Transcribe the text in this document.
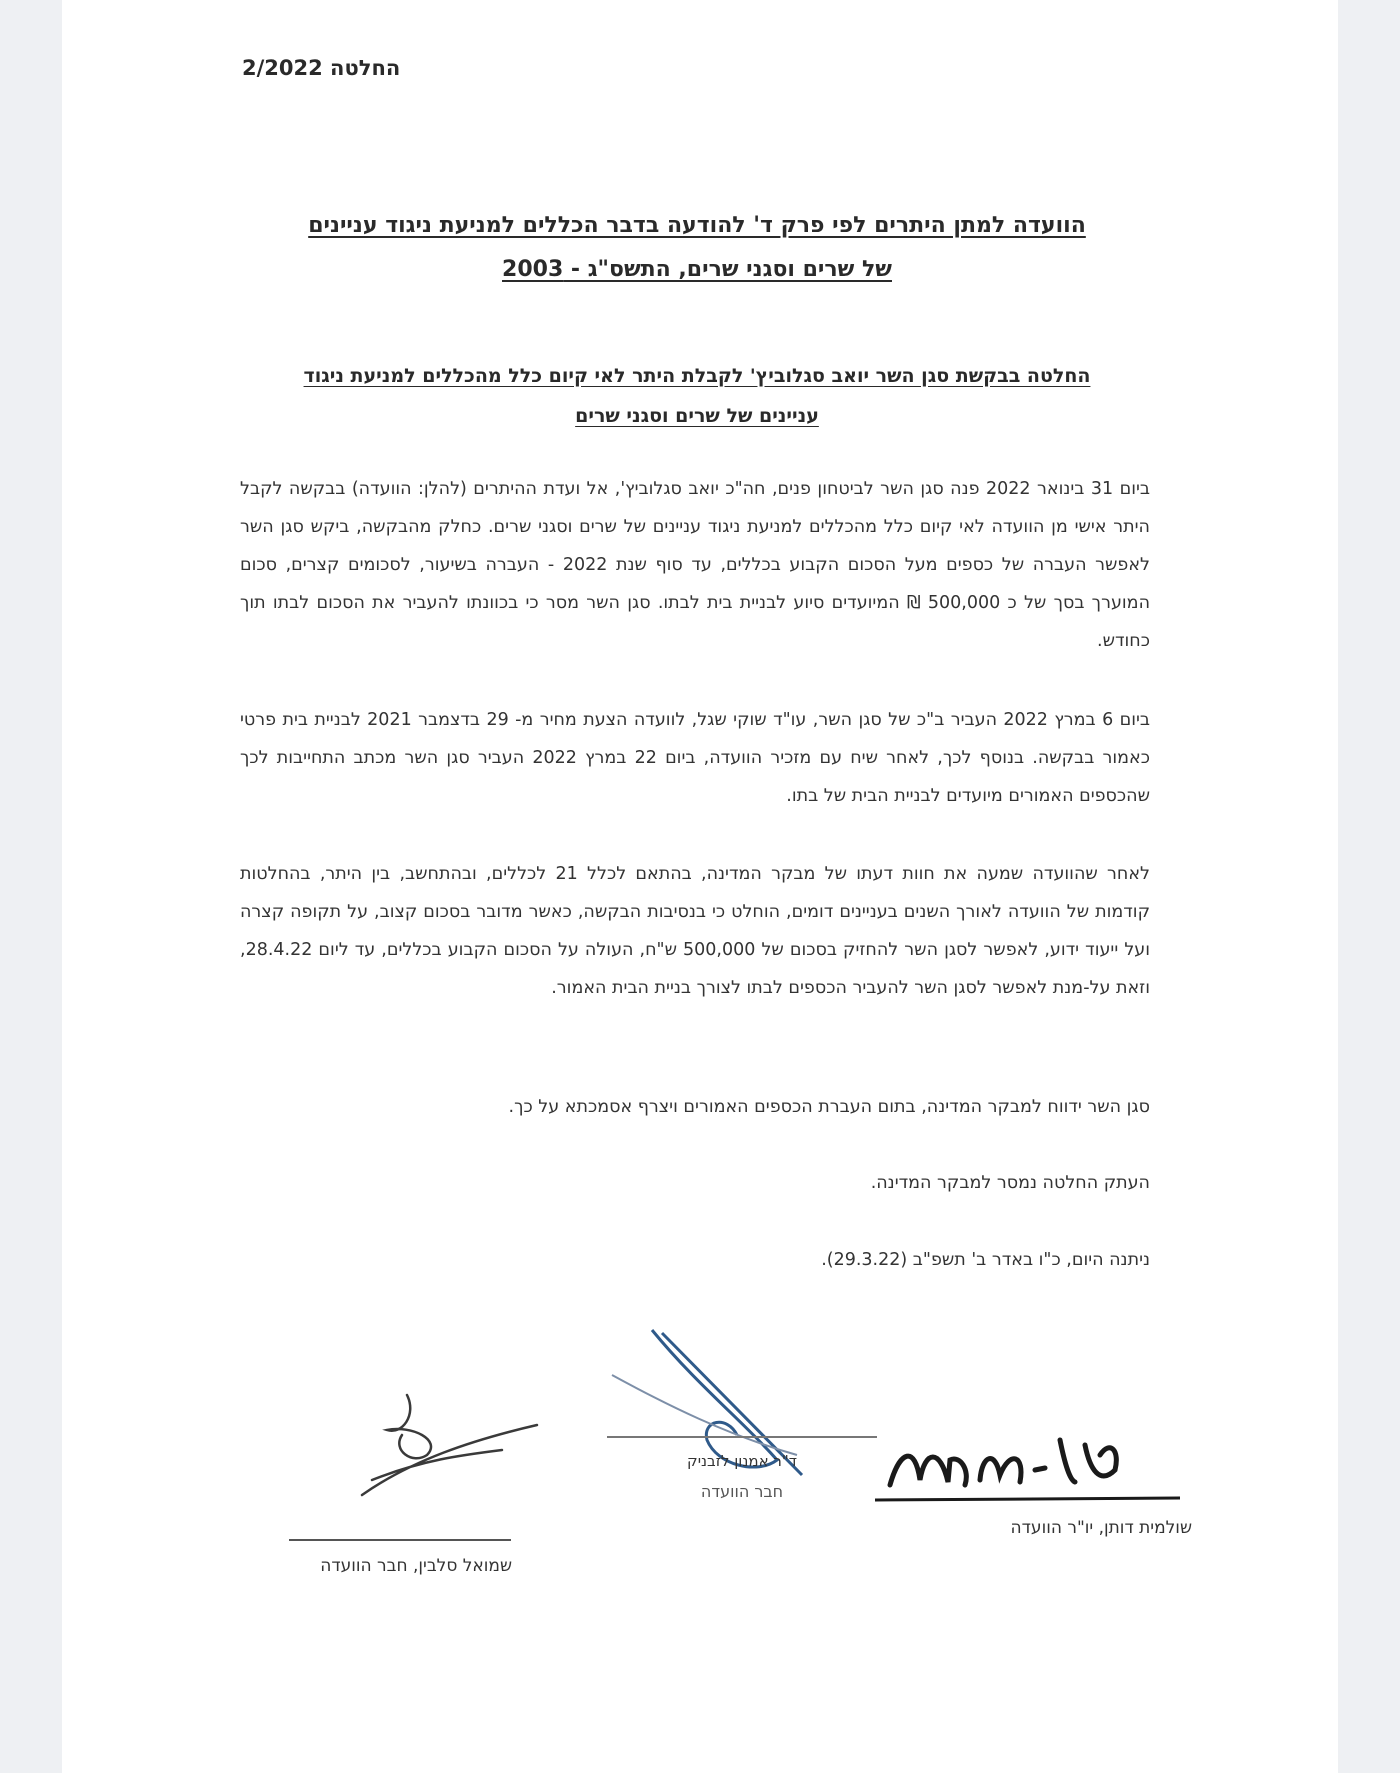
החלטה 2/2022
הוועדה למתן היתרים לפי פרק ד' להודעה בדבר הכללים למניעת ניגוד עניינים
של שרים וסגני שרים, התשס"ג - 2003
החלטה בבקשת סגן השר יואב סגלוביץ' לקבלת היתר לאי קיום כלל מהכללים למניעת ניגוד
עניינים של שרים וסגני שרים
ביום 31 בינואר 2022 פנה סגן השר לביטחון פנים, חה"כ יואב סגלוביץ', אל ועדת ההיתרים (להלן: הוועדה) בבקשה לקבל היתר אישי מן הוועדה לאי קיום כלל מהכללים למניעת ניגוד עניינים של שרים וסגני שרים. כחלק מהבקשה, ביקש סגן השר לאפשר העברה של כספים מעל הסכום הקבוע בכללים, עד סוף שנת 2022 - העברה בשיעור, לסכומים קצרים, סכום המוערך בסך של כ 500,000 ₪ המיועדים סיוע לבניית בית לבתו. סגן השר מסר כי בכוונתו להעביר את הסכום לבתו תוך כחודש.
ביום 6 במרץ 2022 העביר ב"כ של סגן השר, עו"ד שוקי שגל, לוועדה הצעת מחיר מ- 29 בדצמבר 2021 לבניית בית פרטי כאמור בבקשה. בנוסף לכך, לאחר שיח עם מזכיר הוועדה, ביום 22 במרץ 2022 העביר סגן השר מכתב התחייבות לכך שהכספים האמורים מיועדים לבניית הבית של בתו.
לאחר שהוועדה שמעה את חוות דעתו של מבקר המדינה, בהתאם לכלל 21 לכללים, ובהתחשב, בין היתר, בהחלטות קודמות של הוועדה לאורך השנים בעניינים דומים, הוחלט כי בנסיבות הבקשה, כאשר מדובר בסכום קצוב, על תקופה קצרה ועל ייעוד ידוע, לאפשר לסגן השר להחזיק בסכום של 500,000 ש"ח, העולה על הסכום הקבוע בכללים, עד ליום 28.4.22, וזאת על-מנת לאפשר לסגן השר להעביר הכספים לבתו לצורך בניית הבית האמור.
סגן השר ידווח למבקר המדינה, בתום העברת הכספים האמורים ויצרף אסמכתא על כך.
העתק החלטה נמסר למבקר המדינה.
ניתנה היום, כ"ו באדר ב' תשפ"ב (29.3.22).
שולמית דותן, יו"ר הוועדה
ד"ר אמנון לזבניק
חבר הוועדה
שמואל סלבין, חבר הוועדה
